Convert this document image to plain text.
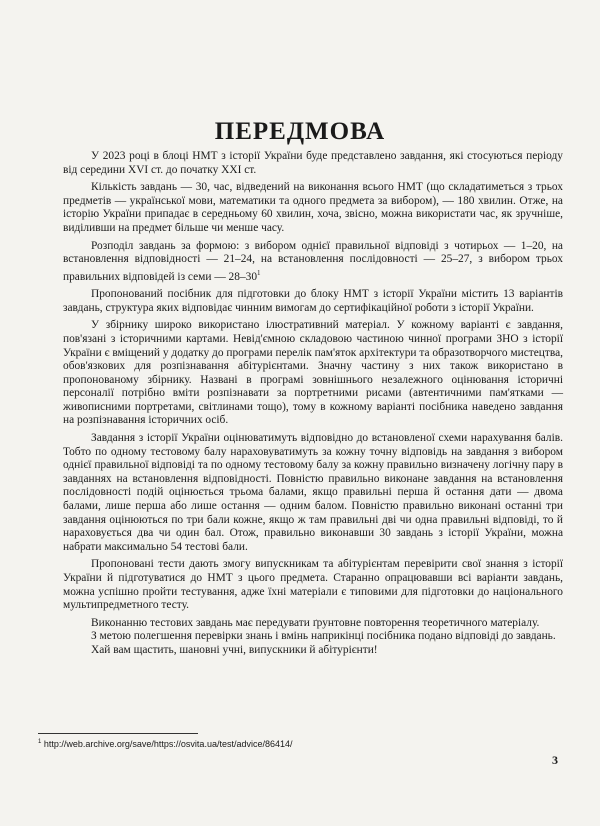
ПЕРЕДМОВА

У 2023 році в блоці НМТ з історії України буде представлено завдання, які стосуються періоду від середини XVI ст. до початку XXI ст.

Кількість завдань — 30, час, відведений на виконання всього НМТ (що складатиметься з трьох предметів — української мови, математики та одного предмета за вибором), — 180 хвилин. Отже, на історію України припадає в середньому 60 хвилин, хоча, звісно, можна використати час, як зручніше, виділивши на предмет більше чи менше часу.

Розподіл завдань за формою: з вибором однієї правильної відповіді з чотирьох — 1–20, на встановлення відповідності — 21–24, на встановлення послідовності — 25–27, з вибором трьох правильних відповідей із семи — $28-30^1$

Пропонований посібник для підготовки до блоку НМТ з історії України містить 13 варіантів завдань, структура яких відповідає чинним вимогам до сертифікаційної роботи з історії України.

У збірнику широко використано ілюстративний матеріал. У кожному варіанті є завдання, пов'язані з історичними картами. Невід'ємною складовою частиною чинної програми ЗНО з історії України є вміщений у додатку до програми перелік пам'яток архітектури та образотворчого мистецтва, обов'язкових для розпізнавання абітурієнтами. Значну частину з них також використано в пропонованому збірнику. Названі в програмі зовнішнього незалежного оцінювання історичні персоналії потрібно вміти розпізнавати за портретними рисами (автентичними пам'ятками — живописними портретами, світлинами тощо), тому в кожному варіанті посібника наведено завдання на розпізнавання історичних осіб.

Завдання з історії України оцінюватимуть відповідно до встановленої схеми нарахування балів. Тобто по одному тестовому балу нараховуватимуть за кожну точну відповідь на завдання з вибором однієї правильної відповіді та по одному тестовому балу за кожну правильно визначену логічну пару в завданнях на встановлення відповідності. Повністю правильно виконане завдання на встановлення послідовності подій оцінюється трьома балами, якщо правильні перша й остання дати — двома балами, лише перша або лише остання — одним балом. Повністю правильно виконані останні три завдання оцінюються по три бали кожне, якщо ж там правильні дві чи одна правильні відповіді, то й нараховується два чи один бал. Отож, правильно виконавши 30 завдань з історії України, можна набрати максимально 54 тестові бали.

Пропоновані тести дають змогу випускникам та абітурієнтам перевірити свої знання з історії України й підготуватися до НМТ з цього предмета. Старанно опрацювавши всі варіанти завдань, можна успішно пройти тестування, адже їхні матеріали є типовими для підготовки до національного мультипредметного тесту.

Виконанню тестових завдань має передувати ґрунтовне повторення теоретичного матеріалу.

З метою полегшення перевірки знань і вмінь наприкінці посібника подано відповіді до завдань.

Хай вам щастить, шановні учні, випускники й абітурієнти!

$^1$ http://web.archive.org/save/https://osvita.ua/test/advice/86414/
3
